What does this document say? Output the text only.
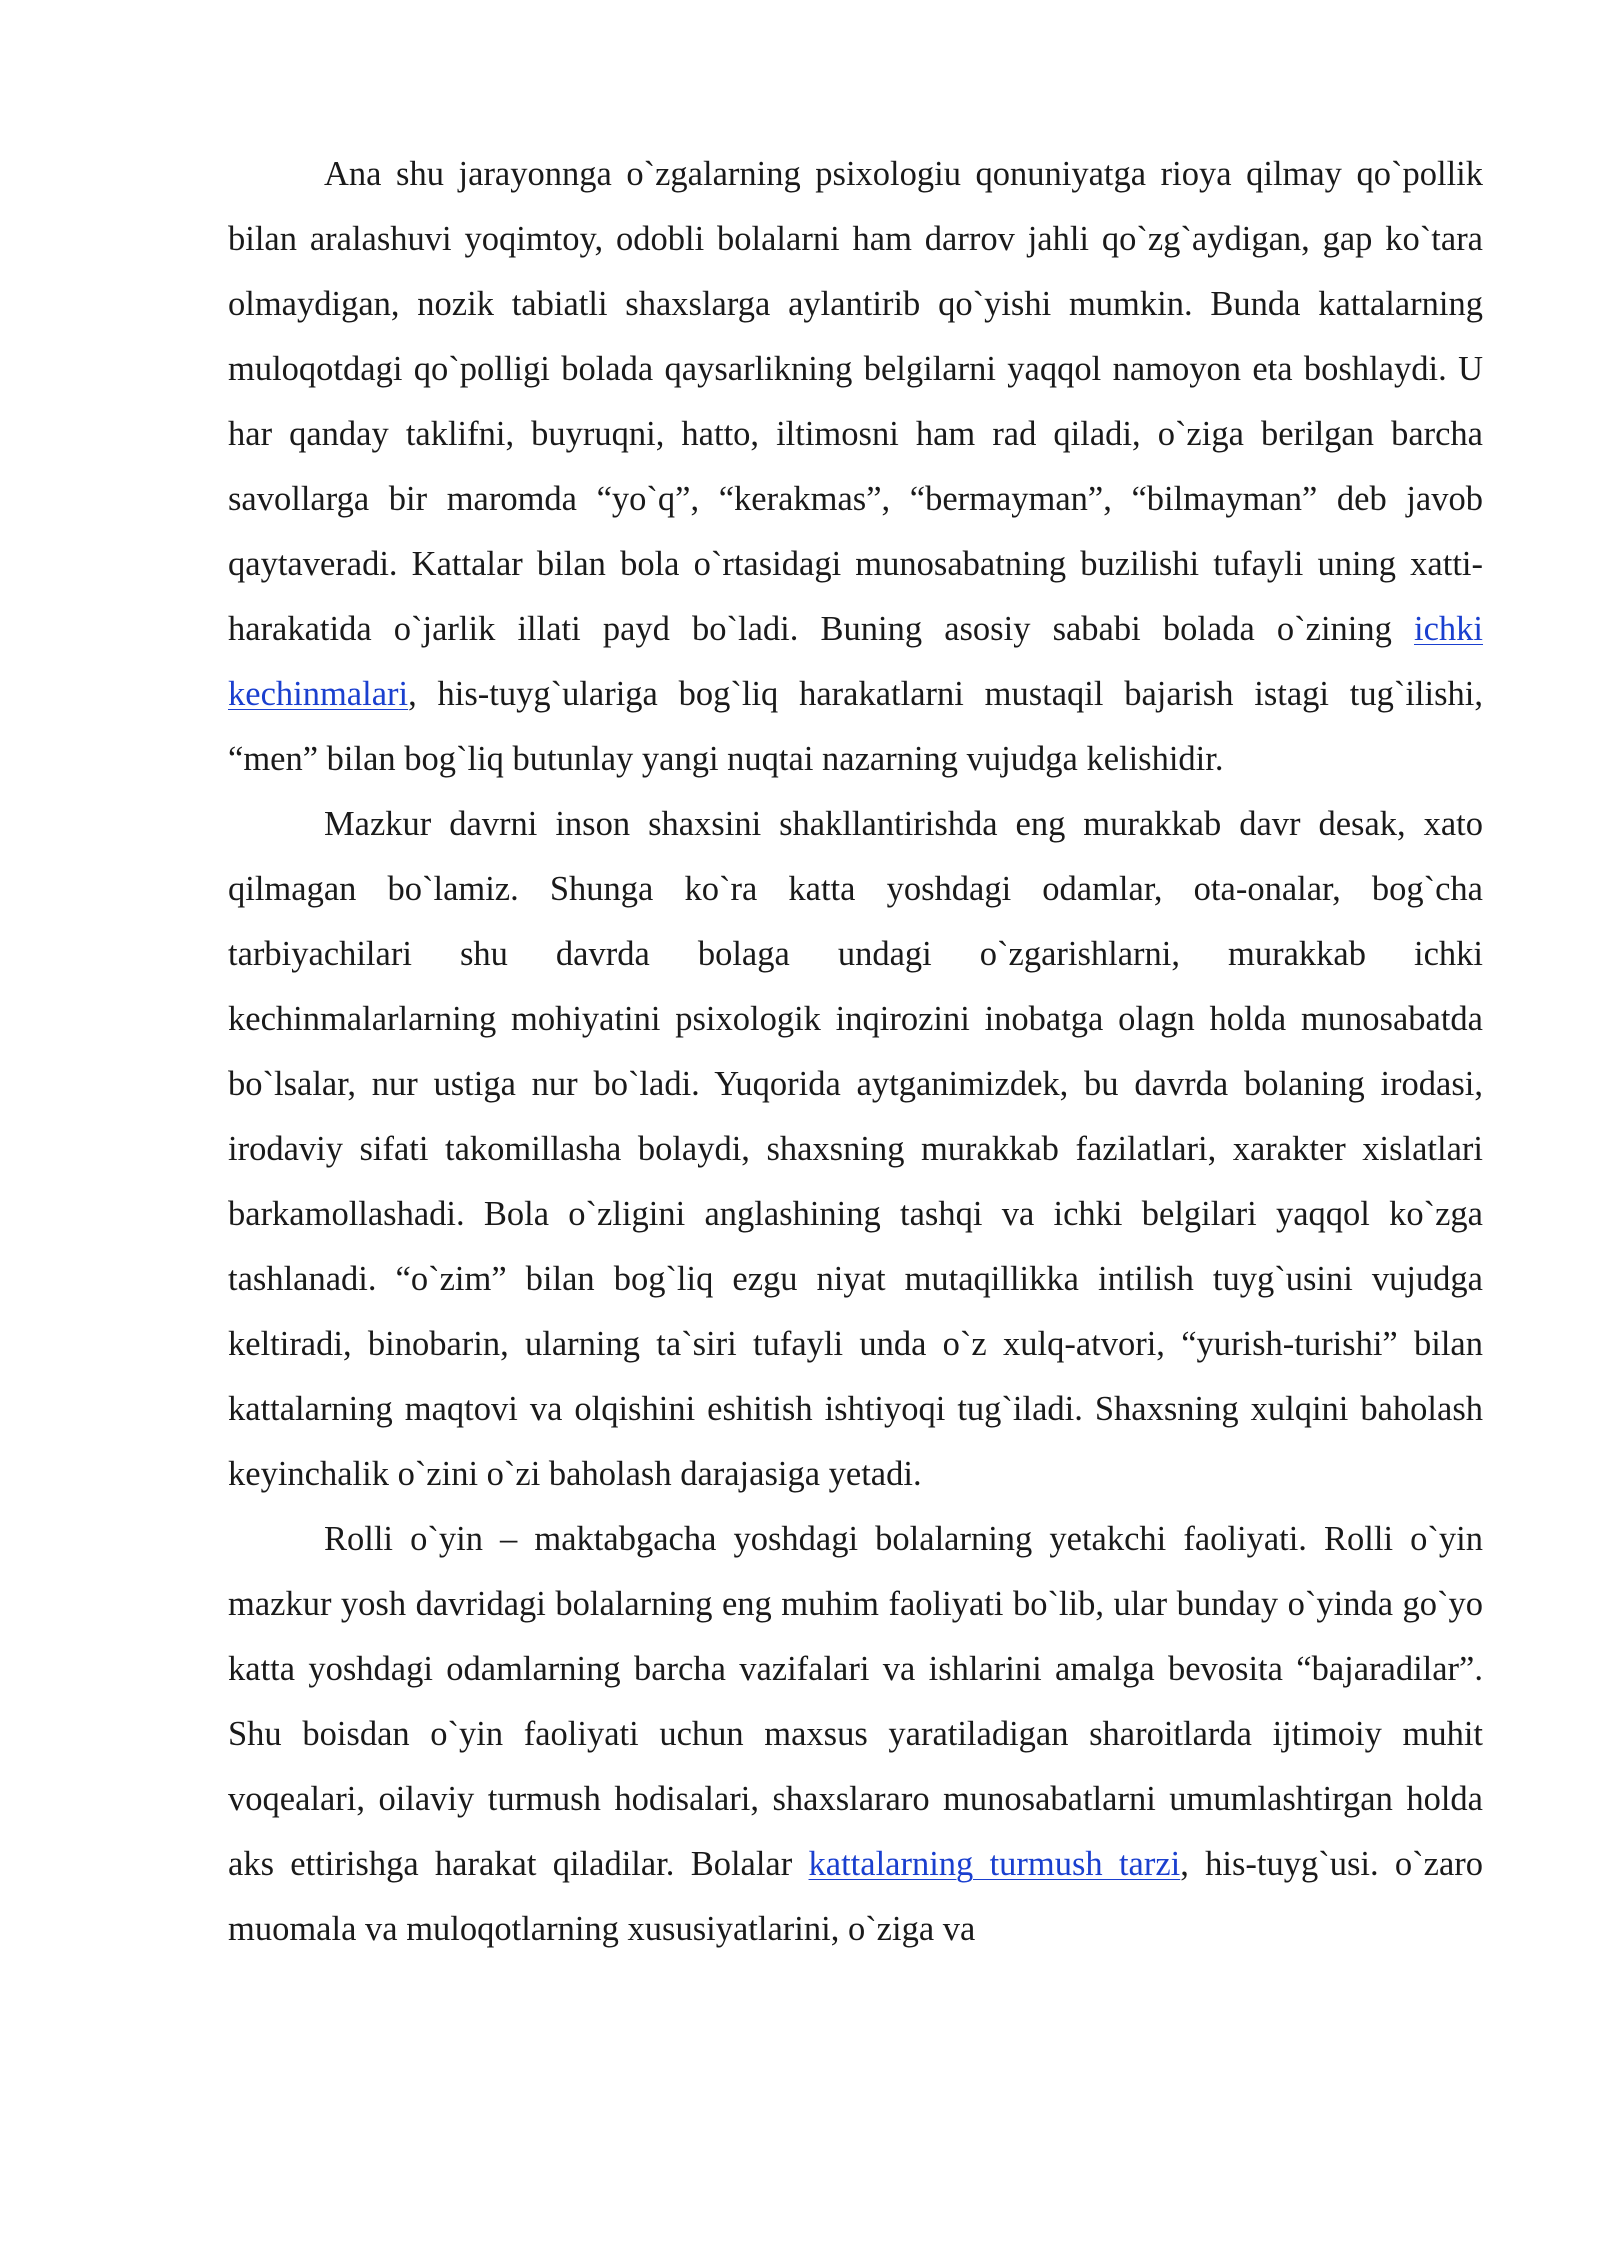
Ana shu jarayonnga o`zgalarning psixologiu qonuniyatga rioya qilmay qo`pollik bilan aralashuvi yoqimtoy, odobli bolalarni ham darrov jahli qo`zg`aydigan, gap ko`tara olmaydigan, nozik tabiatli shaxslarga aylantirib qo`yishi mumkin. Bunda kattalarning muloqotdagi qo`polligi bolada qaysarlikning belgilarni yaqqol namoyon eta boshlaydi. U har qanday taklifni, buyruqni, hatto, iltimosni ham rad qiladi, o`ziga berilgan barcha savollarga bir maromda “yo`q”, “kerakmas”, “bermayman”, “bilmayman” deb javob qaytaveradi. Kattalar bilan bola o`rtasidagi munosabatning buzilishi tufayli uning xatti-harakatida o`jarlik illati payd bo`ladi. Buning asosiy sababi bolada o`zining ichki kechinmalari, his-tuyg`ulariga bog`liq harakatlarni mustaqil bajarish istagi tug`ilishi, “men” bilan bog`liq butunlay yangi nuqtai nazarning vujudga kelishidir.

Mazkur davrni inson shaxsini shakllantirishda eng murakkab davr desak, xato qilmagan bo`lamiz. Shunga ko`ra katta yoshdagi odamlar, ota-onalar, bog`cha tarbiyachilari shu davrda bolaga undagi o`zgarishlarni, murakkab ichki kechinmalarlarning mohiyatini psixologik inqirozini inobatga olagn holda munosabatda bo`lsalar, nur ustiga nur bo`ladi. Yuqorida aytganimizdek, bu davrda bolaning irodasi, irodaviy sifati takomillasha bolaydi, shaxsning murakkab fazilatlari, xarakter xislatlari barkamollashadi. Bola o`zligini anglashining tashqi va ichki belgilari yaqqol ko`zga tashlanadi. “o`zim” bilan bog`liq ezgu niyat mutaqillikka intilish tuyg`usini vujudga keltiradi, binobarin, ularning ta`siri tufayli unda o`z xulq-atvori, “yurish-turishi” bilan kattalarning maqtovi va olqishini eshitish ishtiyoqi tug`iladi. Shaxsning xulqini baholash keyinchalik o`zini o`zi baholash darajasiga yetadi.

Rolli o`yin – maktabgacha yoshdagi bolalarning yetakchi faoliyati. Rolli o`yin mazkur yosh davridagi bolalarning eng muhim faoliyati bo`lib, ular bunday o`yinda go`yo katta yoshdagi odamlarning barcha vazifalari va ishlarini amalga bevosita “bajaradilar”. Shu boisdan o`yin faoliyati uchun maxsus yaratiladigan sharoitlarda ijtimoiy muhit voqealari, oilaviy turmush hodisalari, shaxslararo munosabatlarni umumlashtirgan holda aks ettirishga harakat qiladilar. Bolalar kattalarning turmush tarzi, his-tuyg`usi. o`zaro muomala va muloqotlarning xususiyatlarini, o`ziga va
